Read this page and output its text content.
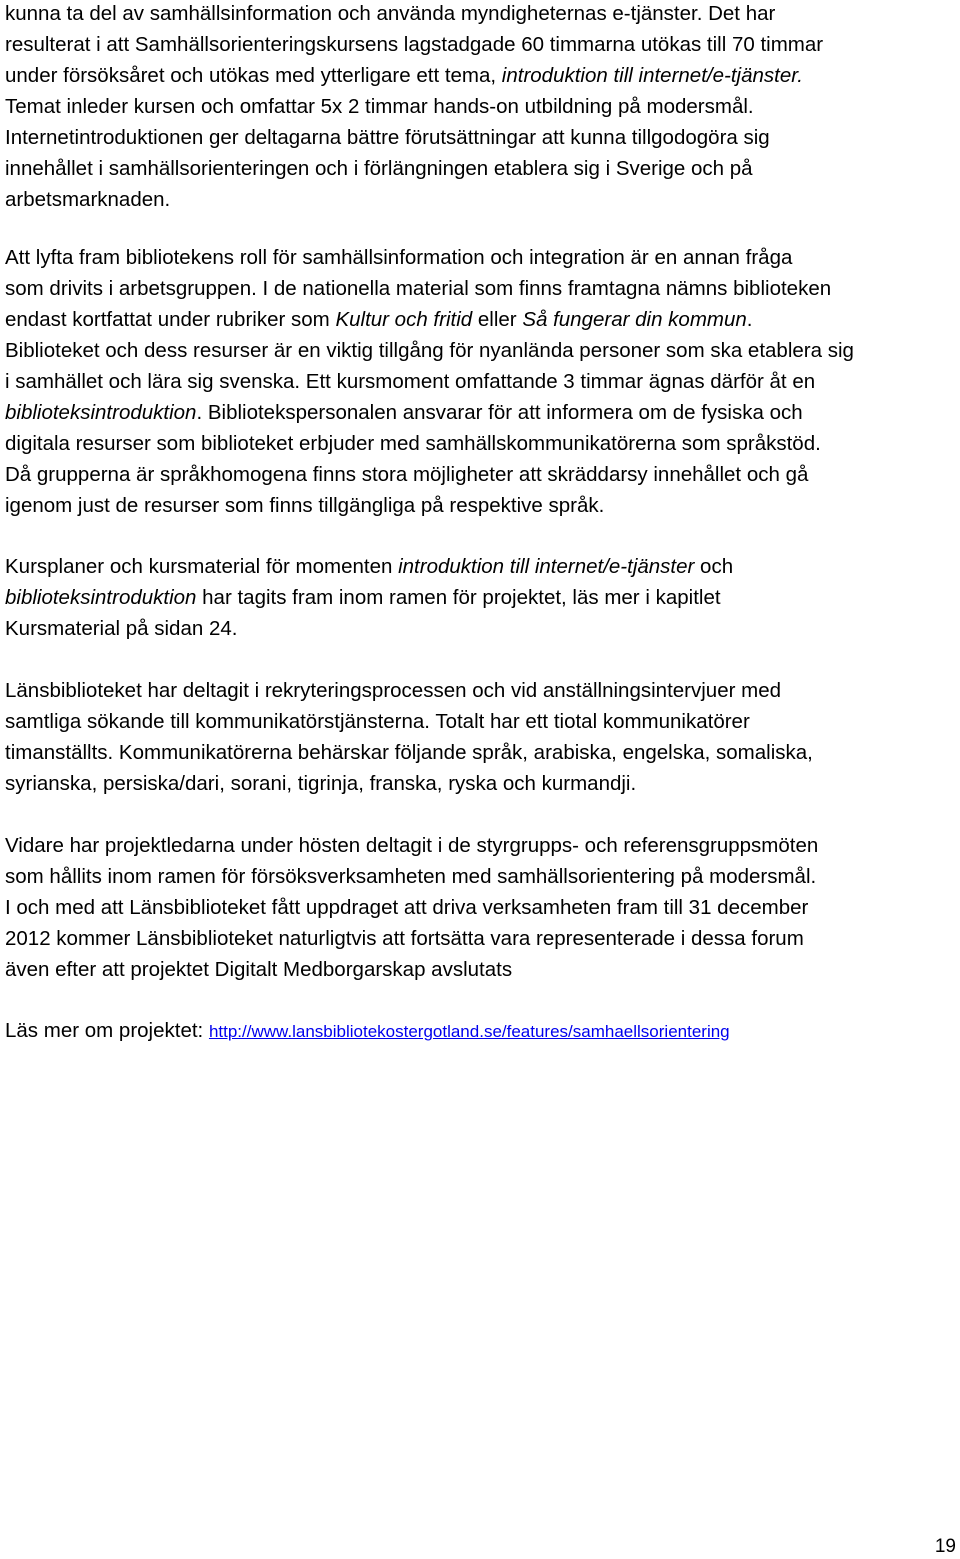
kunna ta del av samhällsinformation och använda myndigheternas e-tjänster. Det har
resulterat i att Samhällsorienteringskursens lagstadgade 60 timmarna utökas till 70 timmar
under försöksåret och utökas med ytterligare ett tema, introduktion till internet/e-tjänster.
Temat inleder kursen och omfattar 5x 2 timmar hands-on utbildning på modersmål.
Internetintroduktionen ger deltagarna bättre förutsättningar att kunna tillgodogöra sig
innehållet i samhällsorienteringen och i förlängningen etablera sig i Sverige och på
arbetsmarknaden.

Att lyfta fram bibliotekens roll för samhällsinformation och integration är en annan fråga
som drivits i arbetsgruppen. I de nationella material som finns framtagna nämns biblioteken
endast kortfattat under rubriker som Kultur och fritid eller Så fungerar din kommun.
Biblioteket och dess resurser är en viktig tillgång för nyanlända personer som ska etablera sig
i samhället och lära sig svenska. Ett kursmoment omfattande 3 timmar ägnas därför åt en
biblioteksintroduktion. Bibliotekspersonalen ansvarar för att informera om de fysiska och
digitala resurser som biblioteket erbjuder med samhällskommunikatörerna som språkstöd.
Då grupperna är språkhomogena finns stora möjligheter att skräddarsy innehållet och gå
igenom just de resurser som finns tillgängliga på respektive språk.

Kursplaner och kursmaterial för momenten introduktion till internet/e-tjänster och
biblioteksintroduktion har tagits fram inom ramen för projektet, läs mer i kapitlet
Kursmaterial på sidan 24.

Länsbiblioteket har deltagit i rekryteringsprocessen och vid anställningsintervjuer med
samtliga sökande till kommunikatörstjänsterna. Totalt har ett tiotal kommunikatörer
timanställts. Kommunikatörerna behärskar följande språk, arabiska, engelska, somaliska,
syrianska, persiska/dari, sorani, tigrinja, franska, ryska och kurmandji.

Vidare har projektledarna under hösten deltagit i de styrgrupps- och referensgruppsmöten
som hållits inom ramen för försöksverksamheten med samhällsorientering på modersmål.
I och med att Länsbiblioteket fått uppdraget att driva verksamheten fram till 31 december
2012 kommer Länsbiblioteket naturligtvis att fortsätta vara representerade i dessa forum
även efter att projektet Digitalt Medborgarskap avslutats

Läs mer om projektet: http://www.lansbibliotekostergotland.se/features/samhaellsorientering

19
